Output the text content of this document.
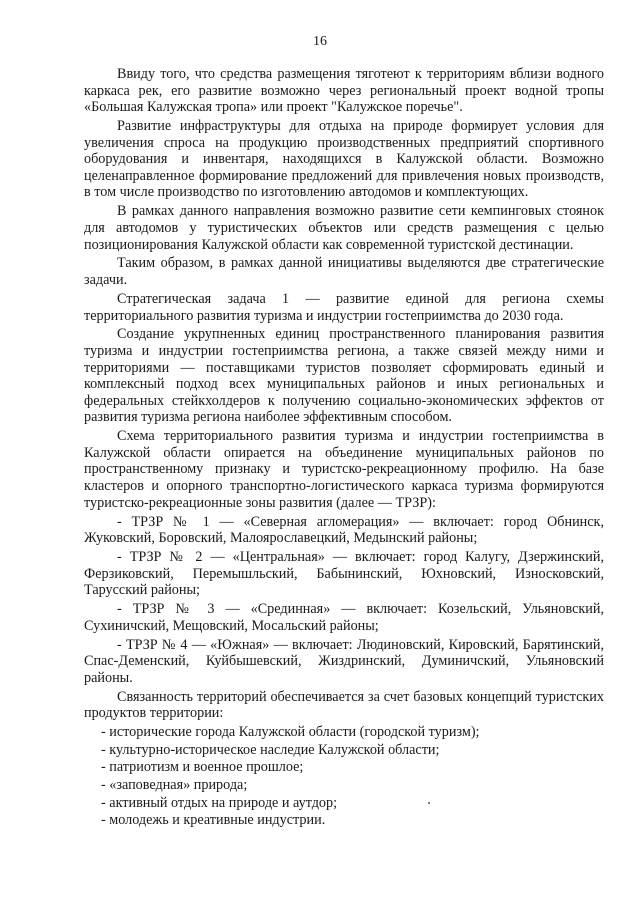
16

Ввиду того, что средства размещения тяготеют к территориям вблизи водного каркаса рек, его развитие возможно через региональный проект водной тропы «Большая Калужская тропа» или проект "Калужское поречье".

Развитие инфраструктуры для отдыха на природе формирует условия для увеличения спроса на продукцию производственных предприятий спортивного оборудования и инвентаря, находящихся в Калужской области. Возможно целенаправленное формирование предложений для привлечения новых производств, в том числе производство по изготовлению автодомов и комплектующих.

В рамках данного направления возможно развитие сети кемпинговых стоянок для автодомов у туристических объектов или средств размещения с целью позиционирования Калужской области как современной туристской дестинации.

Таким образом, в рамках данной инициативы выделяются две стратегические задачи.

Стратегическая задача 1 — развитие единой для региона схемы территориального развития туризма и индустрии гостеприимства до 2030 года.

Создание укрупненных единиц пространственного планирования развития туризма и индустрии гостеприимства региона, а также связей между ними и территориями — поставщиками туристов позволяет сформировать единый и комплексный подход всех муниципальных районов и иных региональных и федеральных стейкхолдеров к получению социально-экономических эффектов от развития туризма региона наиболее эффективным способом.

Схема территориального развития туризма и индустрии гостеприимства в Калужской области опирается на объединение муниципальных районов по пространственному признаку и туристско-рекреационному профилю. На базе кластеров и опорного транспортно-логистического каркаса туризма формируются туристско-рекреационные зоны развития (далее — ТРЗР):

- ТРЗР № 1 — «Северная агломерация» — включает: город Обнинск, Жуковский, Боровский, Малоярославецкий, Медынский районы;

- ТРЗР № 2 — «Центральная» — включает: город Калугу, Дзержинский, Ферзиковский, Перемышльский, Бабынинский, Юхновский, Износковский, Тарусский районы;

- ТРЗР № 3 — «Срединная» — включает: Козельский, Ульяновский, Сухиничский, Мещовский, Мосальский районы;

- ТРЗР № 4 — «Южная» — включает: Людиновский, Кировский, Барятинский, Спас-Деменский, Куйбышевский, Жиздринский, Думиничский, Ульяновский районы.

Связанность территорий обеспечивается за счет базовых концепций туристских продуктов территории:

- исторические города Калужской области (городской туризм);

- культурно-историческое наследие Калужской области;

- патриотизм и военное прошлое;

- «заповедная» природа;

- активный отдых на природе и аутдор;

- молодежь и креативные индустрии.
